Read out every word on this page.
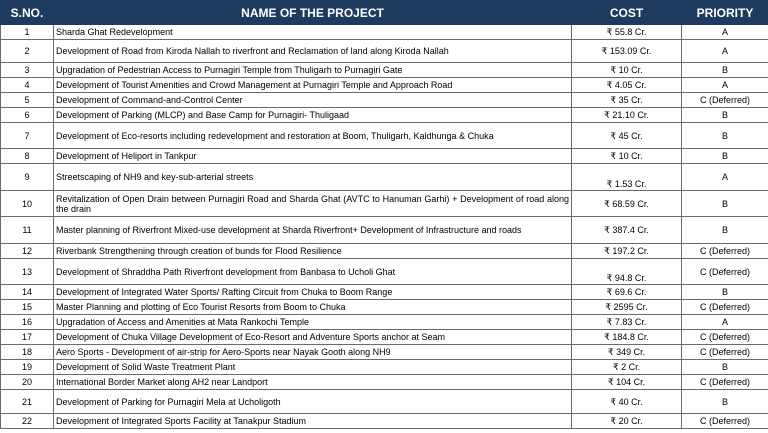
S.NO.	NAME OF THE PROJECT	COST	PRIORITY
1	Sharda Ghat Redevelopment	₹ 55.8 Cr.	A
2	Development of Road from Kiroda Nallah to riverfront and Reclamation of land along Kiroda Nallah	₹ 153.09 Cr.	A
3	Upgradation of Pedestrian Access to Purnagiri Temple from Thuligarh to Purnagiri Gate	₹ 10 Cr.	B
4	Development of Tourist Amenities and Crowd Management at Purnagiri Temple and Approach Road	₹ 4.05 Cr.	A
5	Development of Command-and-Control Center	₹ 35 Cr.	C (Deferred)
6	Development of Parking (MLCP) and Base Camp for Purnagiri- Thuligaad	₹ 21.10 Cr.	B
7	Development of Eco-resorts including redevelopment and restoration at Boom, Thuligarh, Kaldhunga & Chuka	₹ 45 Cr.	B
8	Development of Heliport in Tankpur	₹ 10 Cr.	B
9	Streetscaping of NH9 and key-sub-arterial streets	₹ 1.53 Cr.	A
10	Revitalization of Open Drain between Purnagiri Road and Sharda Ghat (AVTC to Hanuman Garhi) + Development of road along the drain	₹ 68.59 Cr.	B
11	Master planning of Riverfront Mixed-use development at Sharda Riverfront+ Development of Infrastructure and roads	₹ 387.4 Cr.	B
12	Riverbank Strengthening through creation of bunds for Flood Resilience	₹ 197.2 Cr.	C (Deferred)
13	Development of Shraddha Path Riverfront development from Banbasa to Ucholi Ghat	₹ 94.8 Cr.	C (Deferred)
14	Development of Integrated Water Sports/ Rafting Circuit from Chuka to Boom Range	₹ 69.6 Cr.	B
15	Master Planning and plotting of Eco Tourist Resorts from Boom to Chuka	₹ 2595 Cr.	C (Deferred)
16	Upgradation of Access and Amenities at Mata Rankochi Temple	₹ 7.83 Cr.	A
17	Development of Chuka Village Development of Eco-Resort and Adventure Sports anchor at Seam	₹ 184.8 Cr.	C (Deferred)
18	Aero Sports - Development of air-strip for Aero-Sports near Nayak Gooth along NH9	₹ 349 Cr.	C (Deferred)
19	Development of Solid Waste Treatment Plant	₹ 2 Cr.	B
20	International Border Market along AH2 near Landport	₹ 104 Cr.	C (Deferred)
21	Development of Parking for Purnagiri Mela at Ucholigoth	₹ 40 Cr.	B
22	Development of Integrated Sports Facility at Tanakpur Stadium	₹ 20 Cr.	C (Deferred)
